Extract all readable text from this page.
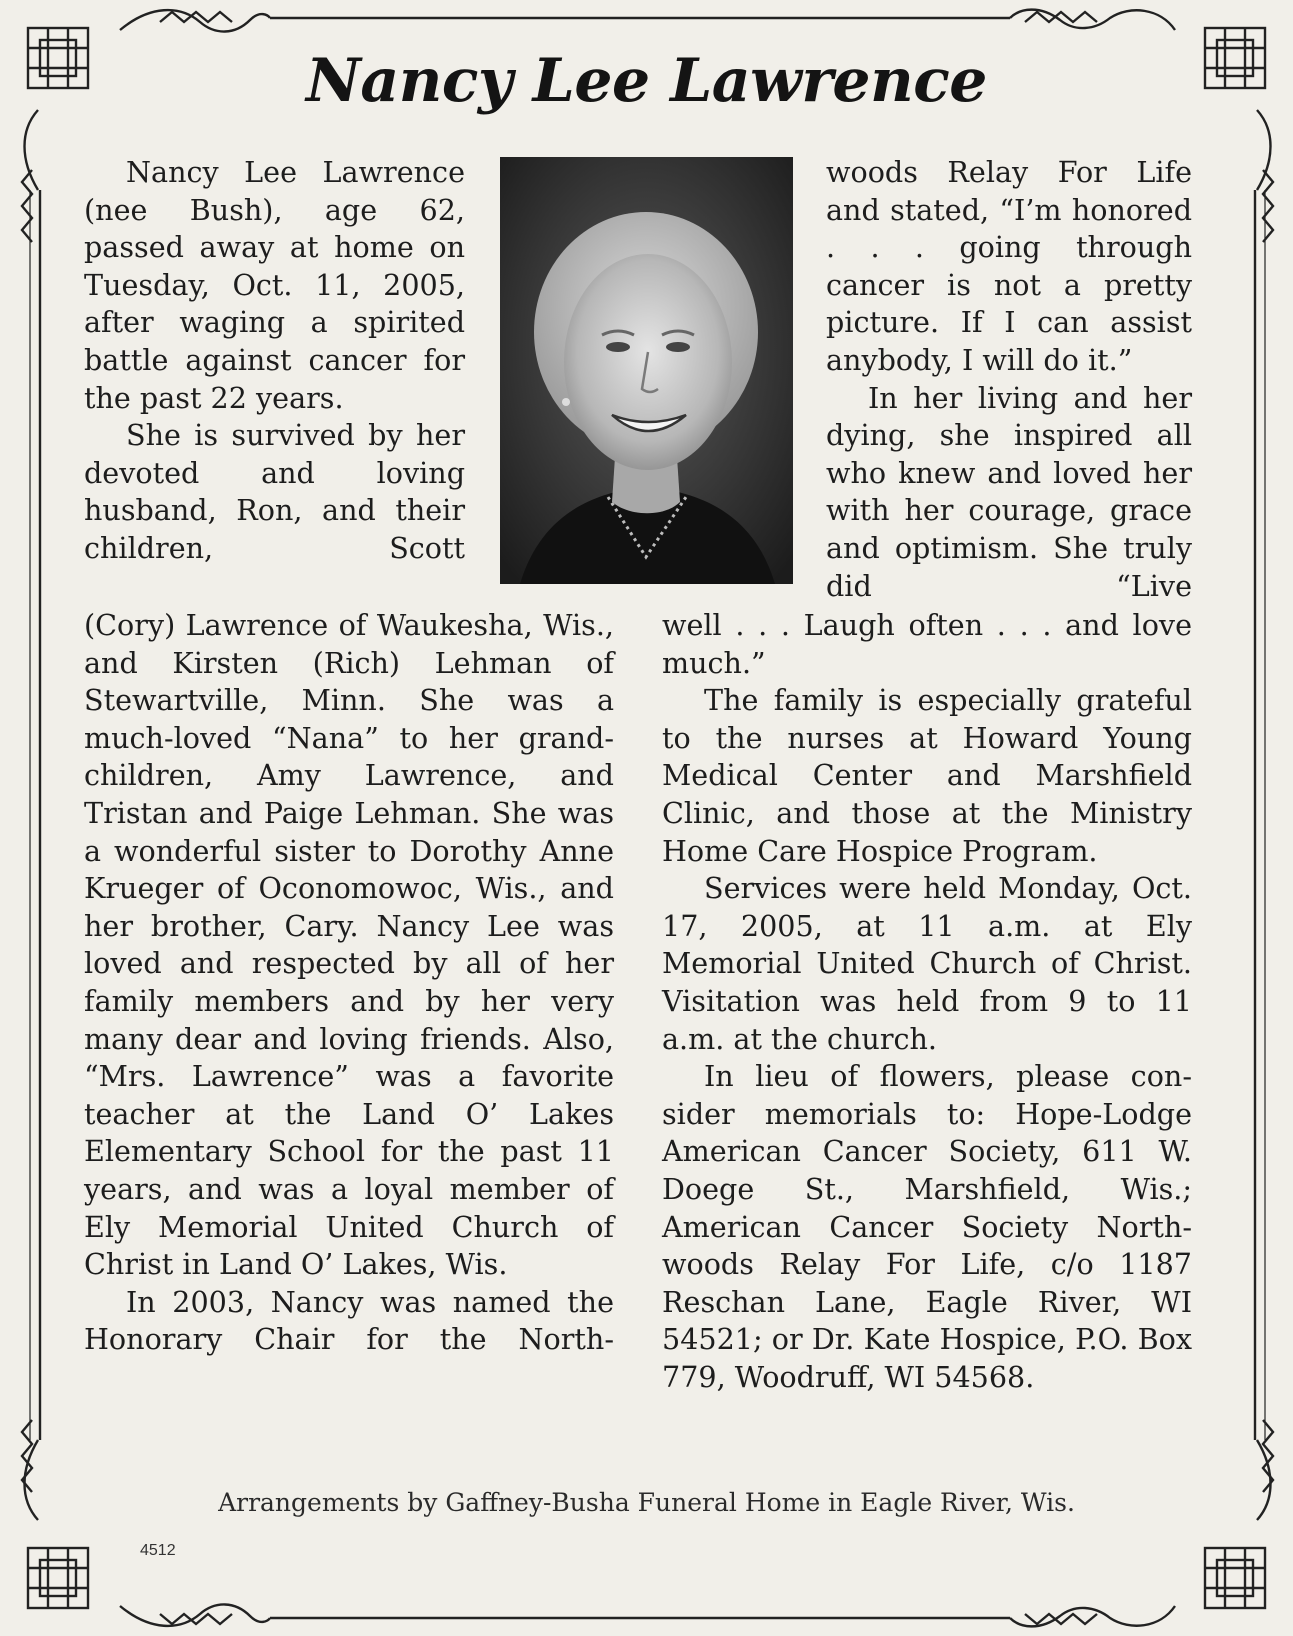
Nancy Lee Lawrence

Nancy Lee Lawrence (nee Bush), age 62, passed away at home on Tuesday, Oct. 11, 2005, after waging a spirited battle against cancer for the past 22 years.

She is survived by her devoted and loving husband, Ron, and their children, Scott

(Cory) Lawrence of Waukesha, Wis., and Kirsten (Rich) Lehman of Stewartville, Minn. She was a much-loved “Nana” to her grandchildren, Amy Lawrence, and Tristan and Paige Lehman. She was a wonderful sister to Dorothy Anne Krueger of Oconomowoc, Wis., and her brother, Cary. Nancy Lee was loved and respected by all of her family members and by her very many dear and loving friends. Also, “Mrs. Lawrence” was a favorite teacher at the Land O’ Lakes Elementary School for the past 11 years, and was a loyal member of Ely Memorial United Church of Christ in Land O’ Lakes, Wis.

In 2003, Nancy was named the Honorary Chair for the North-

woods Relay For Life and stated, “I’m honored . . . going through cancer is not a pretty picture. If I can assist anybody, I will do it.”

In her living and her dying, she inspired all who knew and loved her with her courage, grace and optimism. She truly did “Live

well . . . Laugh often . . . and love much.”

The family is especially grateful to the nurses at Howard Young Medical Center and Marshfield Clinic, and those at the Ministry Home Care Hospice Program.

Services were held Monday, Oct. 17, 2005, at 11 a.m. at Ely Memorial United Church of Christ. Visitation was held from 9 to 11 a.m. at the church.

In lieu of flowers, please consider memorials to: Hope-Lodge American Cancer Society, 611 W. Doege St., Marshfield, Wis.; American Cancer Society Northwoods Relay For Life, c/o 1187 Reschan Lane, Eagle River, WI 54521; or Dr. Kate Hospice, P.O. Box 779, Woodruff, WI 54568.

Arrangements by Gaffney-Busha Funeral Home in Eagle River, Wis.
4512
